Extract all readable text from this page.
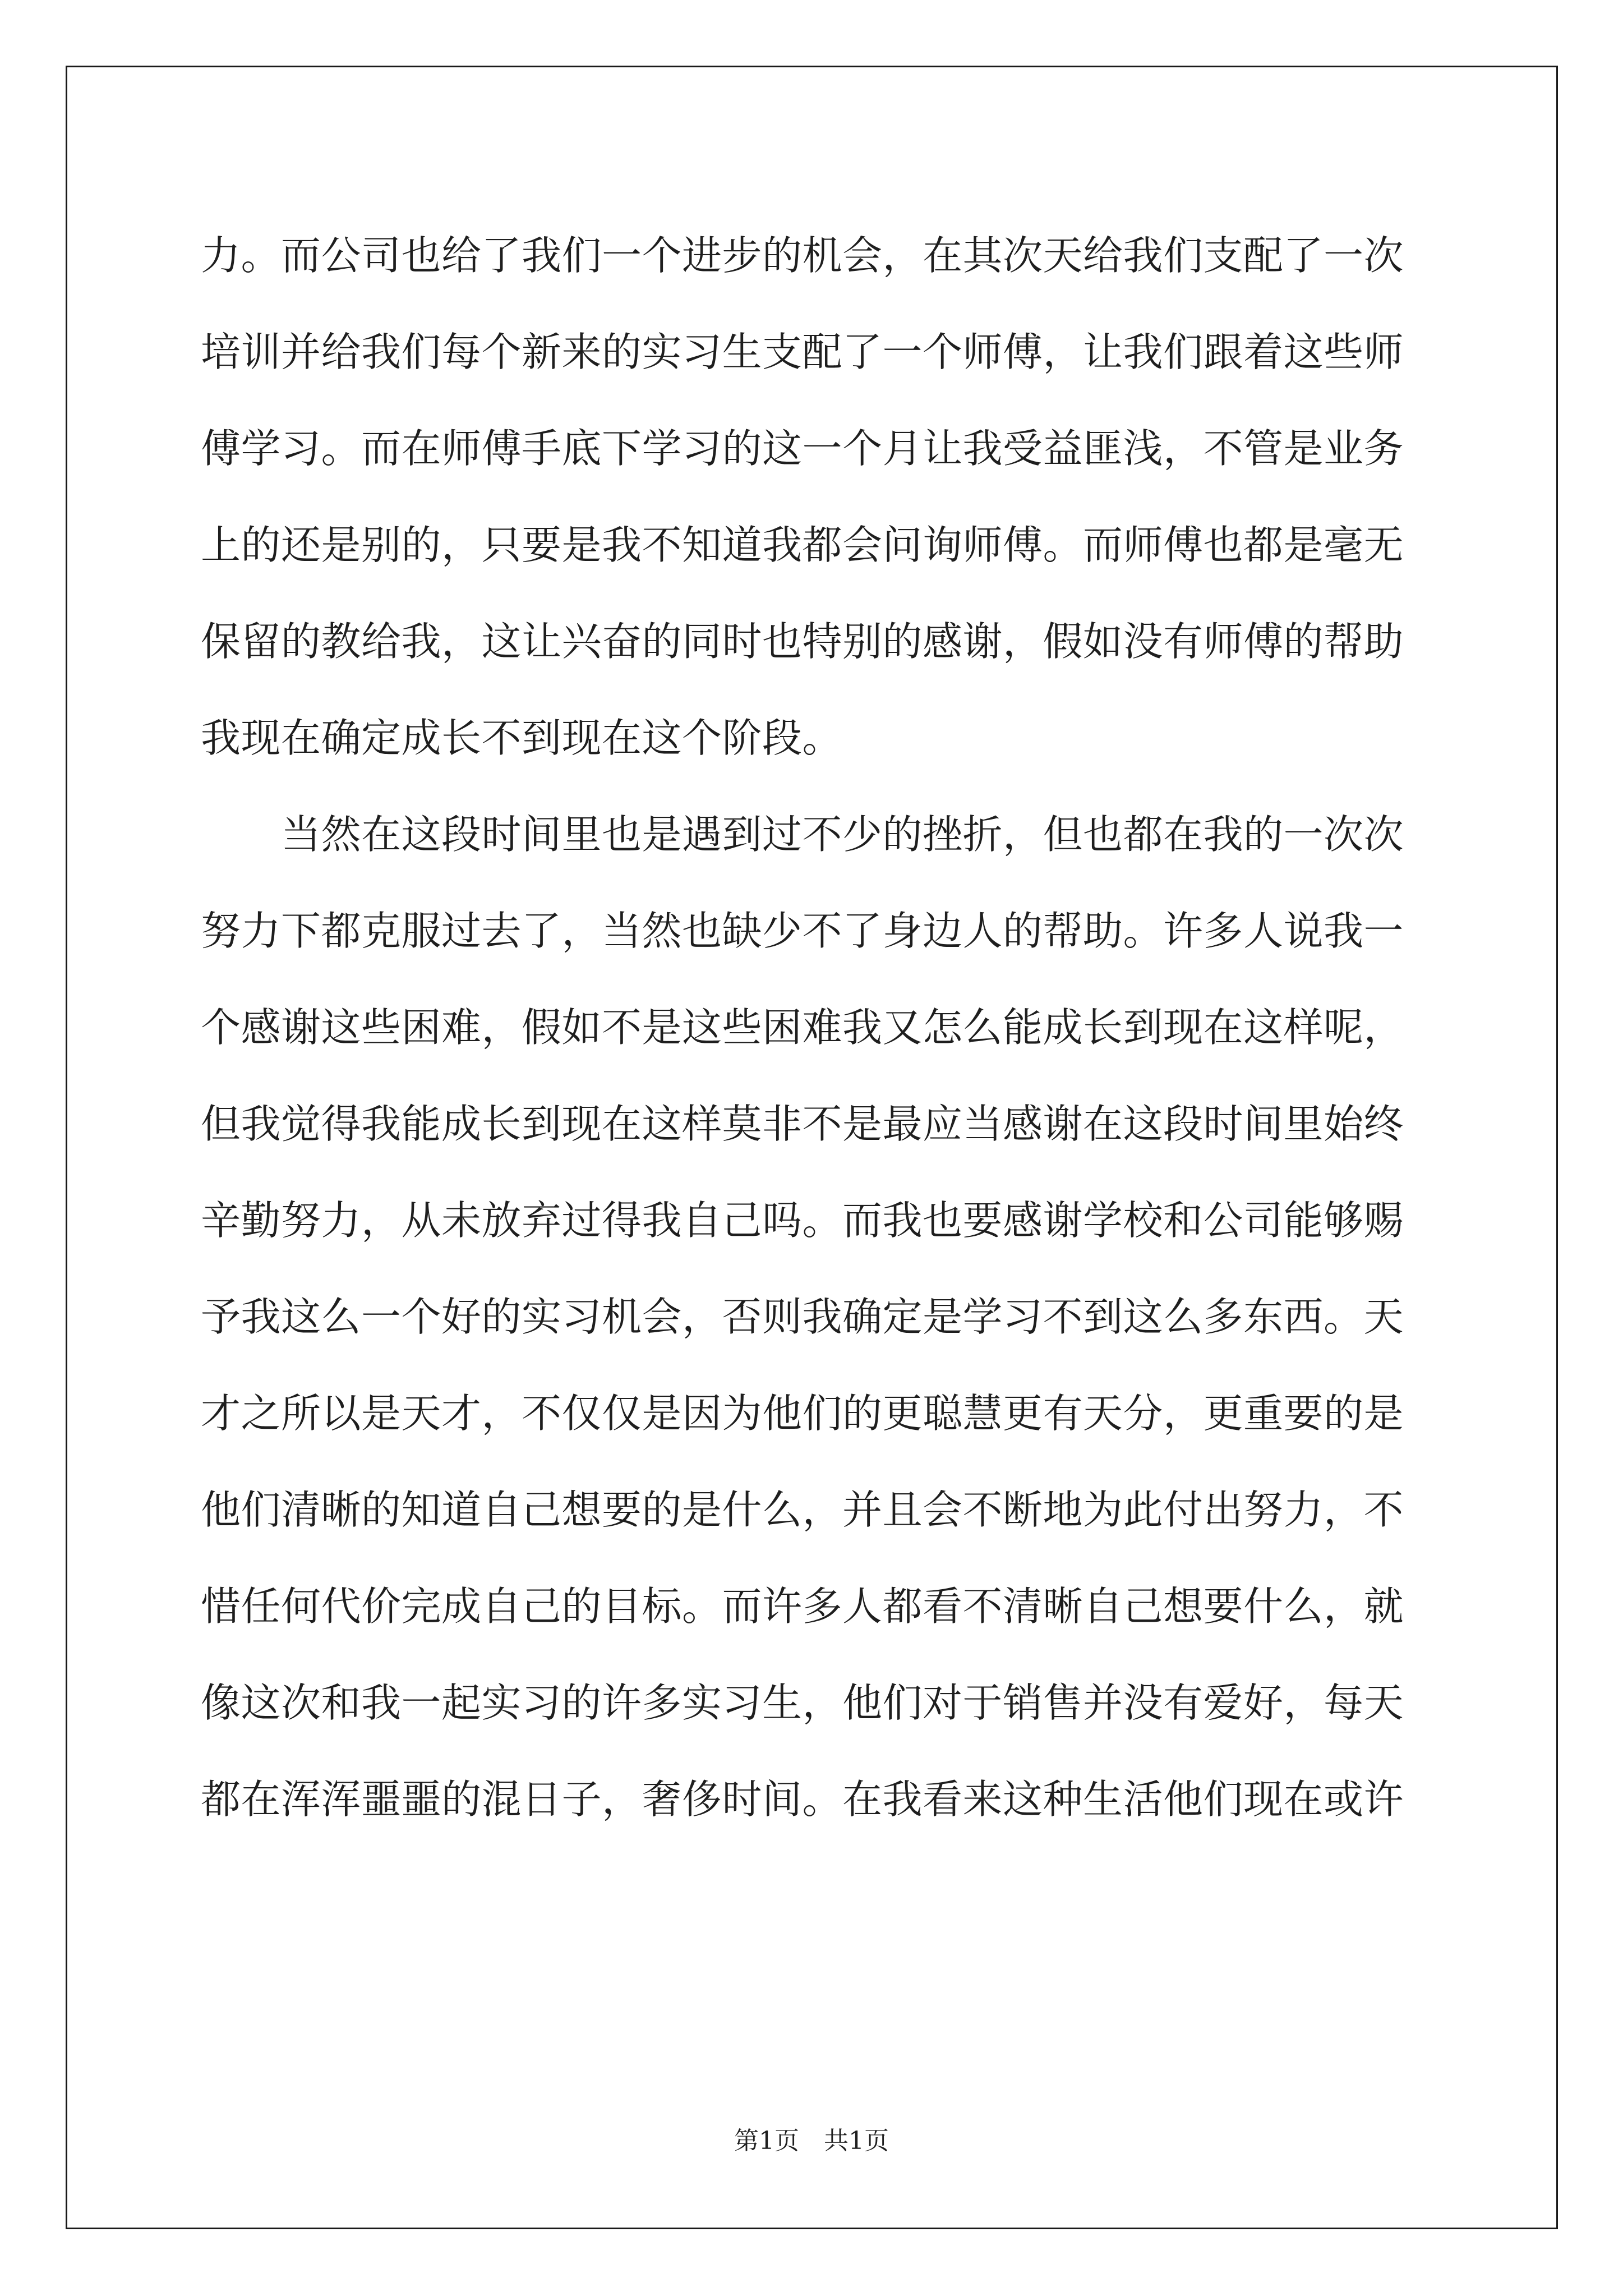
力。而公司也给了我们一个进步的机会，在其次天给我们支配了一次
培训并给我们每个新来的实习生支配了一个师傅，让我们跟着这些师
傅学习。而在师傅手底下学习的这一个月让我受益匪浅，不管是业务
上的还是别的，只要是我不知道我都会问询师傅。而师傅也都是毫无
保留的教给我，这让兴奋的同时也特别的感谢，假如没有师傅的帮助
我现在确定成长不到现在这个阶段。
当然在这段时间里也是遇到过不少的挫折，但也都在我的一次次
努力下都克服过去了，当然也缺少不了身边人的帮助。许多人说我一
个感谢这些困难，假如不是这些困难我又怎么能成长到现在这样呢，
但我觉得我能成长到现在这样莫非不是最应当感谢在这段时间里始终
辛勤努力，从未放弃过得我自己吗。而我也要感谢学校和公司能够赐
予我这么一个好的实习机会，否则我确定是学习不到这么多东西。天
才之所以是天才，不仅仅是因为他们的更聪慧更有天分，更重要的是
他们清晰的知道自己想要的是什么，并且会不断地为此付出努力，不
惜任何代价完成自己的目标。而许多人都看不清晰自己想要什么，就
像这次和我一起实习的许多实习生，他们对于销售并没有爱好，每天
都在浑浑噩噩的混日子，奢侈时间。在我看来这种生活他们现在或许
第1页　共1页
